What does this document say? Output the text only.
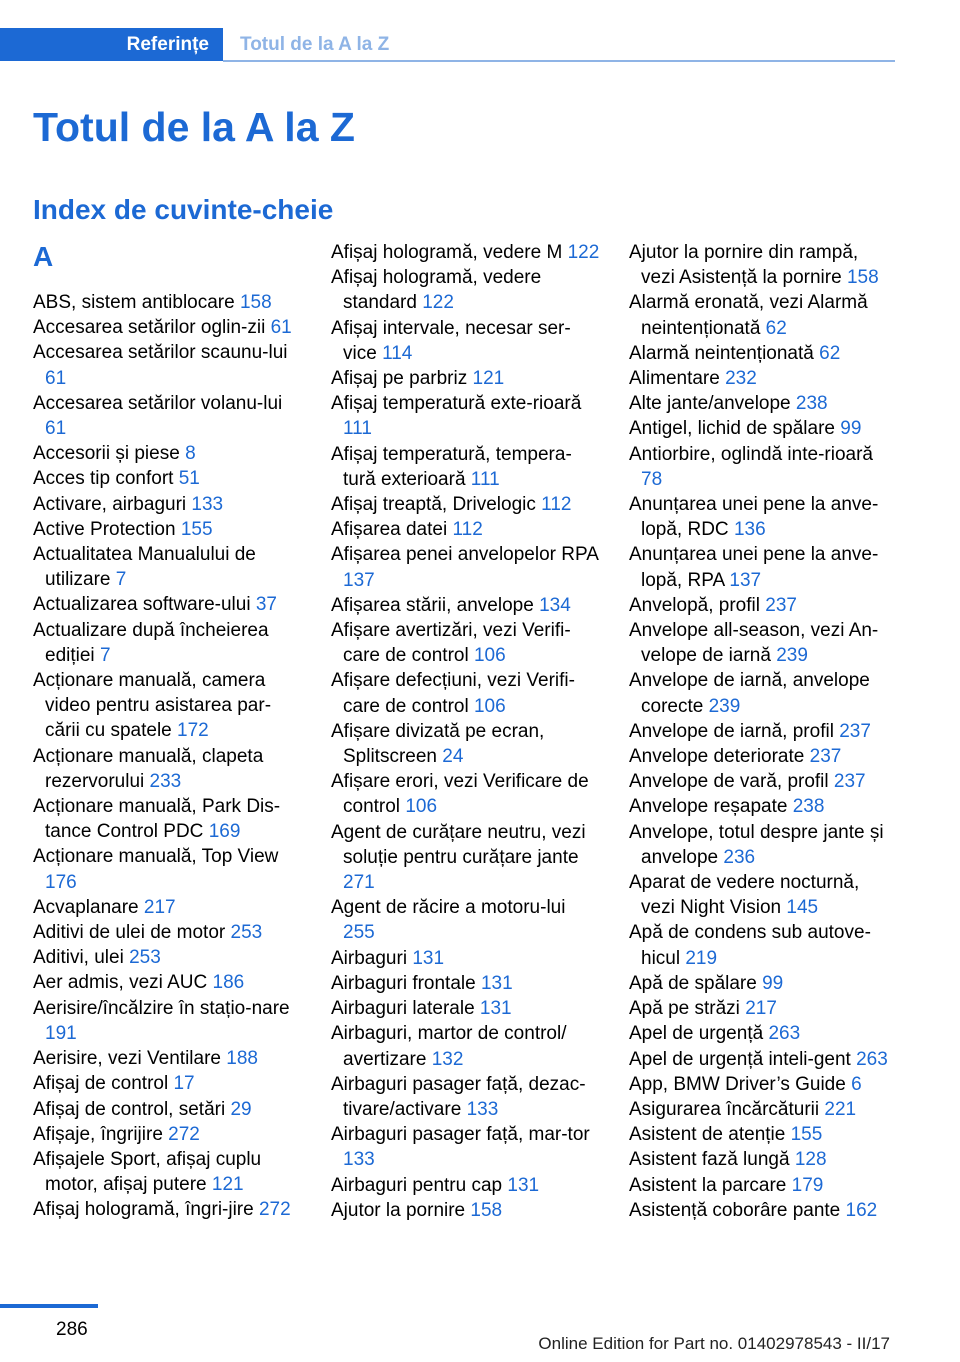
Referințe	Totul de la A la Z
Totul de la A la Z
Index de cuvinte-cheie
A
ABS, sistem antiblocare 158
Accesarea setărilor oglin-zii 61
Accesarea setărilor scaunu-lui 61
Accesarea setărilor volanu-lui 61
Accesorii și piese 8
Acces tip confort 51
Activare, airbaguri 133
Active Protection 155
Actualitatea Manualului de utilizare 7
Actualizarea software-ului 37
Actualizare după încheierea ediției 7
Acționare manuală, camera video pentru asistarea par-cării cu spatele 172
Acționare manuală, clapeta rezervorului 233
Acționare manuală, Park Dis-tance Control PDC 169
Acționare manuală, Top View 176
Acvaplanare 217
Aditivi de ulei de motor 253
Aditivi, ulei 253
Aer admis, vezi AUC 186
Aerisire/încălzire în stațio-nare 191
Aerisire, vezi Ventilare 188
Afișaj de control 17
Afișaj de control, setări 29
Afișaje, îngrijire 272
Afișajele Sport, afișaj cuplu motor, afișaj putere 121
Afișaj hologramă, îngri-jire 272
Afișaj hologramă, vedere M 122
Afișaj hologramă, vedere standard 122
Afișaj intervale, necesar ser-vice 114
Afișaj pe parbriz 121
Afișaj temperatură exte-rioară 111
Afișaj temperatură, tempera-tură exterioară 111
Afișaj treaptă, Drivelogic 112
Afișarea datei 112
Afișarea penei anvelopelor RPA 137
Afișarea stării, anvelope 134
Afișare avertizări, vezi Verifi-care de control 106
Afișare defecțiuni, vezi Verifi-care de control 106
Afișare divizată pe ecran, Splitscreen 24
Afișare erori, vezi Verificare de control 106
Agent de curățare neutru, vezi soluție pentru curățare jante 271
Agent de răcire a motoru-lui 255
Airbaguri 131
Airbaguri frontale 131
Airbaguri laterale 131
Airbaguri, martor de control/ avertizare 132
Airbaguri pasager față, dezac-tivare/activare 133
Airbaguri pasager față, mar-tor 133
Airbaguri pentru cap 131
Ajutor la pornire 158
Ajutor la pornire din rampă, vezi Asistență la pornire 158
Alarmă eronată, vezi Alarmă neintenționată 62
Alarmă neintenționată 62
Alimentare 232
Alte jante/anvelope 238
Antigel, lichid de spălare 99
Antiorbire, oglindă inte-rioară 78
Anunțarea unei pene la anve-lopă, RDC 136
Anunțarea unei pene la anve-lopă, RPA 137
Anvelopă, profil 237
Anvelope all-season, vezi An-velope de iarnă 239
Anvelope de iarnă, anvelope corecte 239
Anvelope de iarnă, profil 237
Anvelope deteriorate 237
Anvelope de vară, profil 237
Anvelope reșapate 238
Anvelope, totul despre jante și anvelope 236
Aparat de vedere nocturnă, vezi Night Vision 145
Apă de condens sub autove-hicul 219
Apă de spălare 99
Apă pe străzi 217
Apel de urgență 263
Apel de urgență inteli-gent 263
App, BMW Driver’s Guide 6
Asigurarea încărcăturii 221
Asistent de atenție 155
Asistent fază lungă 128
Asistent la parcare 179
Asistență coborâre pante 162
286
Online Edition for Part no. 01402978543 - II/17
